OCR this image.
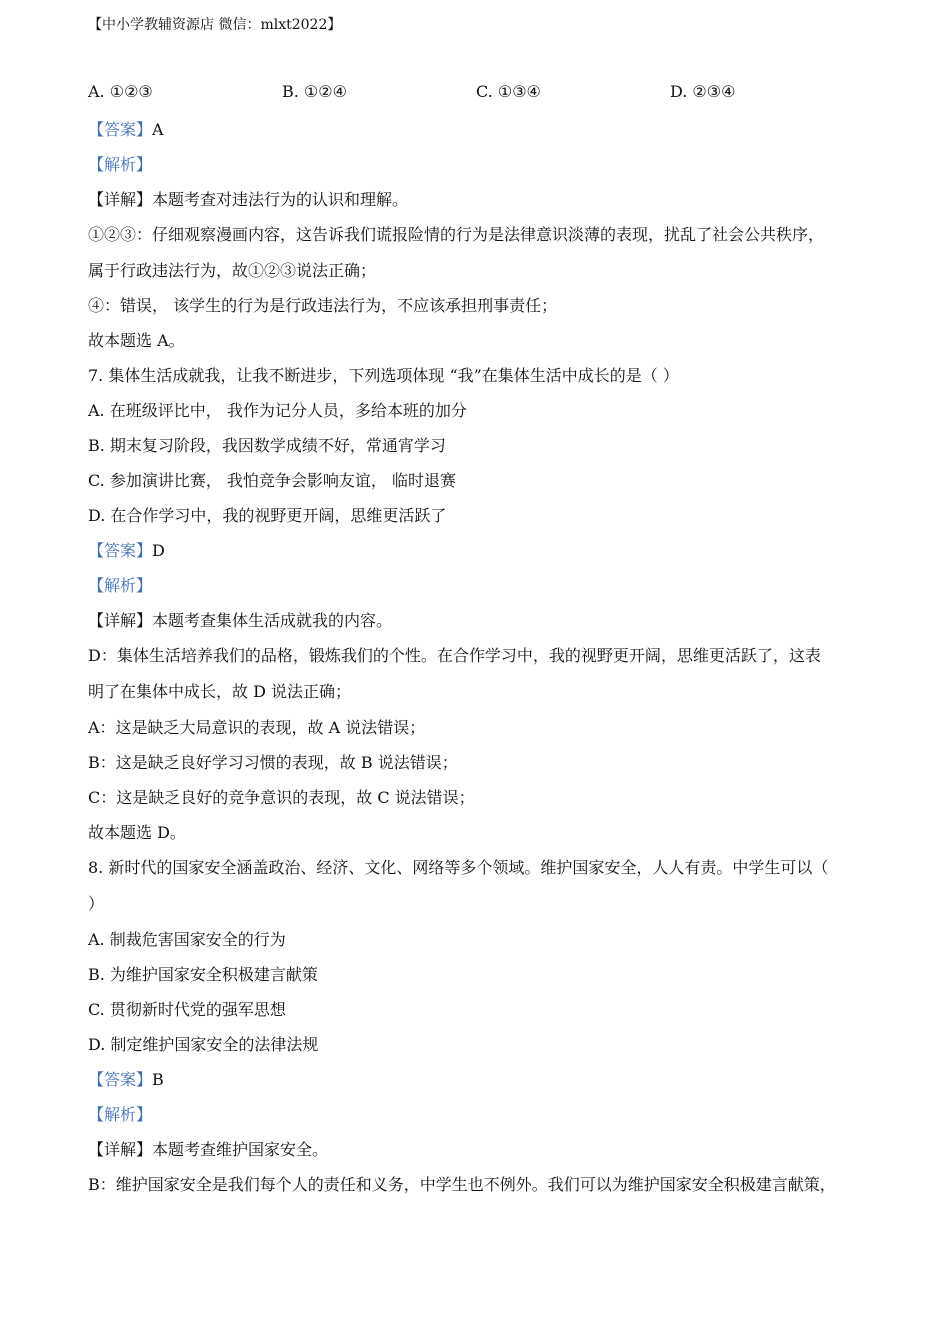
【中小学教辅资源店 微信：mlxt2022】
A. ①②③	B. ①②④	C. ①③④	D. ②③④
【答案】A
【解析】
【详解】本题考查对违法行为的认识和理解。
①②③：仔细观察漫画内容，这告诉我们谎报险情的行为是法律意识淡薄的表现，扰乱了社会公共秩序，
属于行政违法行为，故①②③说法正确；
④：错误， 该学生的行为是行政违法行为，不应该承担刑事责任；
故本题选 A。
7. 集体生活成就我，让我不断进步，下列选项体现 “我”在集体生活中成长的是（ ）
A. 在班级评比中， 我作为记分人员，多给本班的加分
B. 期末复习阶段，我因数学成绩不好，常通宵学习
C. 参加演讲比赛， 我怕竞争会影响友谊， 临时退赛
D. 在合作学习中，我的视野更开阔，思维更活跃了
【答案】D
【解析】
【详解】本题考查集体生活成就我的内容。
D：集体生活培养我们的品格，锻炼我们的个性。在合作学习中，我的视野更开阔，思维更活跃了，这表
明了在集体中成长，故 D 说法正确；
A：这是缺乏大局意识的表现，故 A 说法错误；
B：这是缺乏良好学习习惯的表现，故 B 说法错误；
C：这是缺乏良好的竞争意识的表现，故 C 说法错误；
故本题选 D。
8. 新时代的国家安全涵盖政治、经济、文化、网络等多个领域。维护国家安全，人人有责。中学生可以（
）
A. 制裁危害国家安全的行为
B. 为维护国家安全积极建言献策
C. 贯彻新时代党的强军思想
D. 制定维护国家安全的法律法规
【答案】B
【解析】
【详解】本题考查维护国家安全。
B：维护国家安全是我们每个人的责任和义务，中学生也不例外。我们可以为维护国家安全积极建言献策，
